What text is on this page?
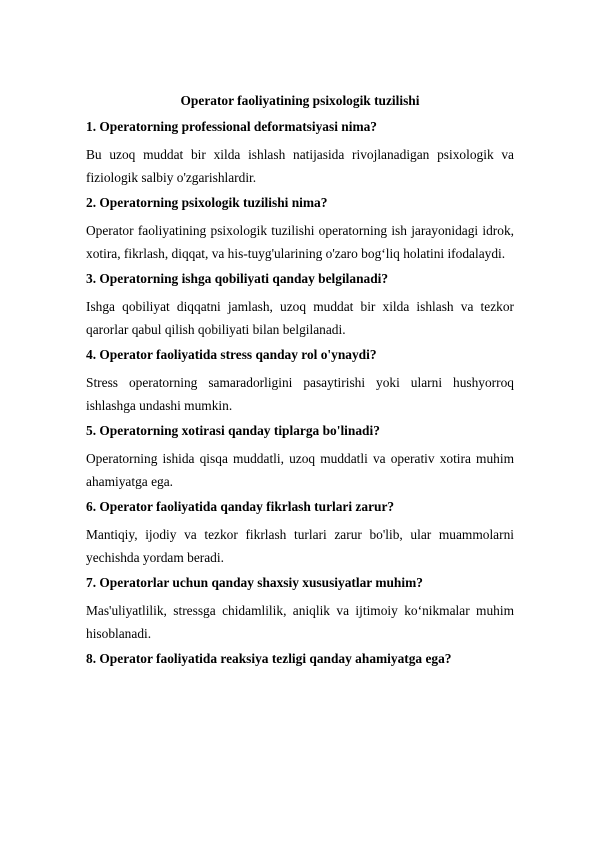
Operator faoliyatining psixologik tuzilishi

1. Operatorning professional deformatsiyasi nima?

Bu uzoq muddat bir xilda ishlash natijasida rivojlanadigan psixologik va fiziologik salbiy o'zgarishlardir.

2. Operatorning psixologik tuzilishi nima?

Operator faoliyatining psixologik tuzilishi operatorning ish jarayonidagi idrok, xotira, fikrlash, diqqat, va his-tuyg'ularining o'zaro bog‘liq holatini ifodalaydi.

3. Operatorning ishga qobiliyati qanday belgilanadi?

Ishga qobiliyat diqqatni jamlash, uzoq muddat bir xilda ishlash va tezkor qarorlar qabul qilish qobiliyati bilan belgilanadi.

4. Operator faoliyatida stress qanday rol o'ynaydi?

Stress operatorning samaradorligini pasaytirishi yoki ularni hushyorroq ishlashga undashi mumkin.

5. Operatorning xotirasi qanday tiplarga bo'linadi?

Operatorning ishida qisqa muddatli, uzoq muddatli va operativ xotira muhim ahamiyatga ega.

6. Operator faoliyatida qanday fikrlash turlari zarur?

Mantiqiy, ijodiy va tezkor fikrlash turlari zarur bo'lib, ular muammolarni yechishda yordam beradi.

7. Operatorlar uchun qanday shaxsiy xususiyatlar muhim?

Mas'uliyatlilik, stressga chidamlilik, aniqlik va ijtimoiy ko‘nikmalar muhim hisoblanadi.

8. Operator faoliyatida reaksiya tezligi qanday ahamiyatga ega?
